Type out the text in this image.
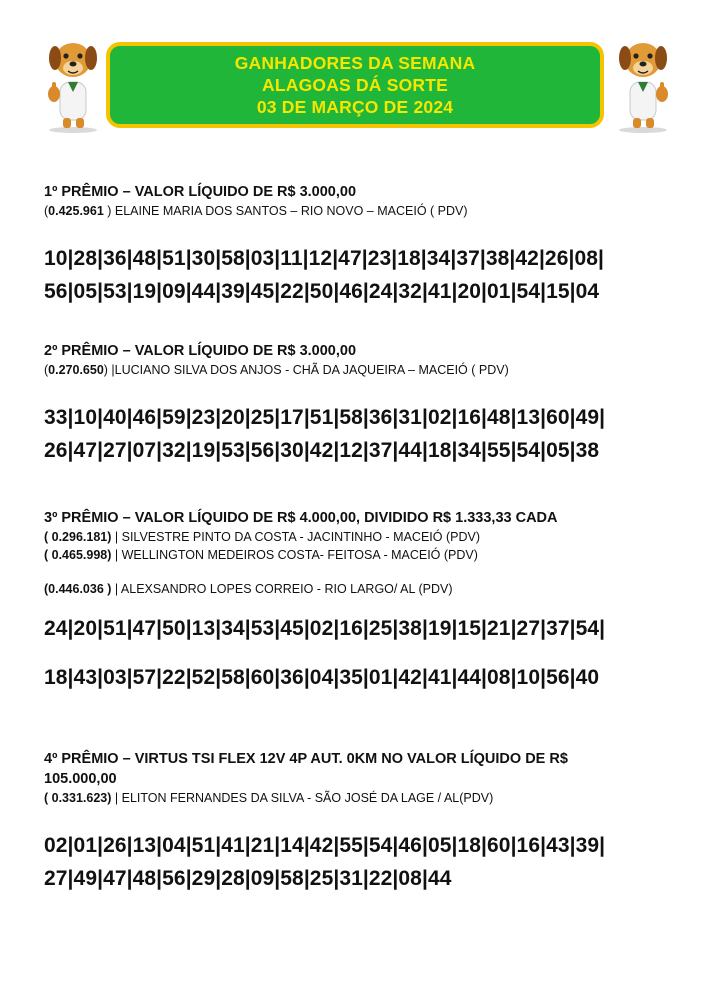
GANHADORES DA SEMANA
ALAGOAS DÁ SORTE
03 DE MARÇO DE 2024

1º PRÊMIO – VALOR LÍQUIDO DE R$ 3.000,00

(0.425.961 ) ELAINE MARIA DOS SANTOS – RIO NOVO – MACEIÓ ( PDV)

10|28|36|48|51|30|58|03|11|12|47|23|18|34|37|38|42|26|08|

56|05|53|19|09|44|39|45|22|50|46|24|32|41|20|01|54|15|04

2º PRÊMIO – VALOR LÍQUIDO DE R$ 3.000,00

(0.270.650) |LUCIANO SILVA DOS ANJOS - CHÃ DA JAQUEIRA – MACEIÓ ( PDV)

33|10|40|46|59|23|20|25|17|51|58|36|31|02|16|48|13|60|49|

26|47|27|07|32|19|53|56|30|42|12|37|44|18|34|55|54|05|38

3º PRÊMIO – VALOR LÍQUIDO DE R$ 4.000,00, DIVIDIDO R$ 1.333,33 CADA

( 0.296.181) | SILVESTRE PINTO DA COSTA - JACINTINHO - MACEIÓ (PDV)

( 0.465.998) | WELLINGTON MEDEIROS COSTA- FEITOSA - MACEIÓ (PDV)

(0.446.036 ) | ALEXSANDRO LOPES CORREIO - RIO LARGO/ AL (PDV)

24|20|51|47|50|13|34|53|45|02|16|25|38|19|15|21|27|37|54|

18|43|03|57|22|52|58|60|36|04|35|01|42|41|44|08|10|56|40

4º PRÊMIO – VIRTUS TSI FLEX 12V 4P AUT. 0KM NO VALOR LÍQUIDO DE R$

105.000,00

( 0.331.623) | ELITON FERNANDES DA SILVA - SÃO JOSÉ DA LAGE / AL(PDV)

02|01|26|13|04|51|41|21|14|42|55|54|46|05|18|60|16|43|39|

27|49|47|48|56|29|28|09|58|25|31|22|08|44
